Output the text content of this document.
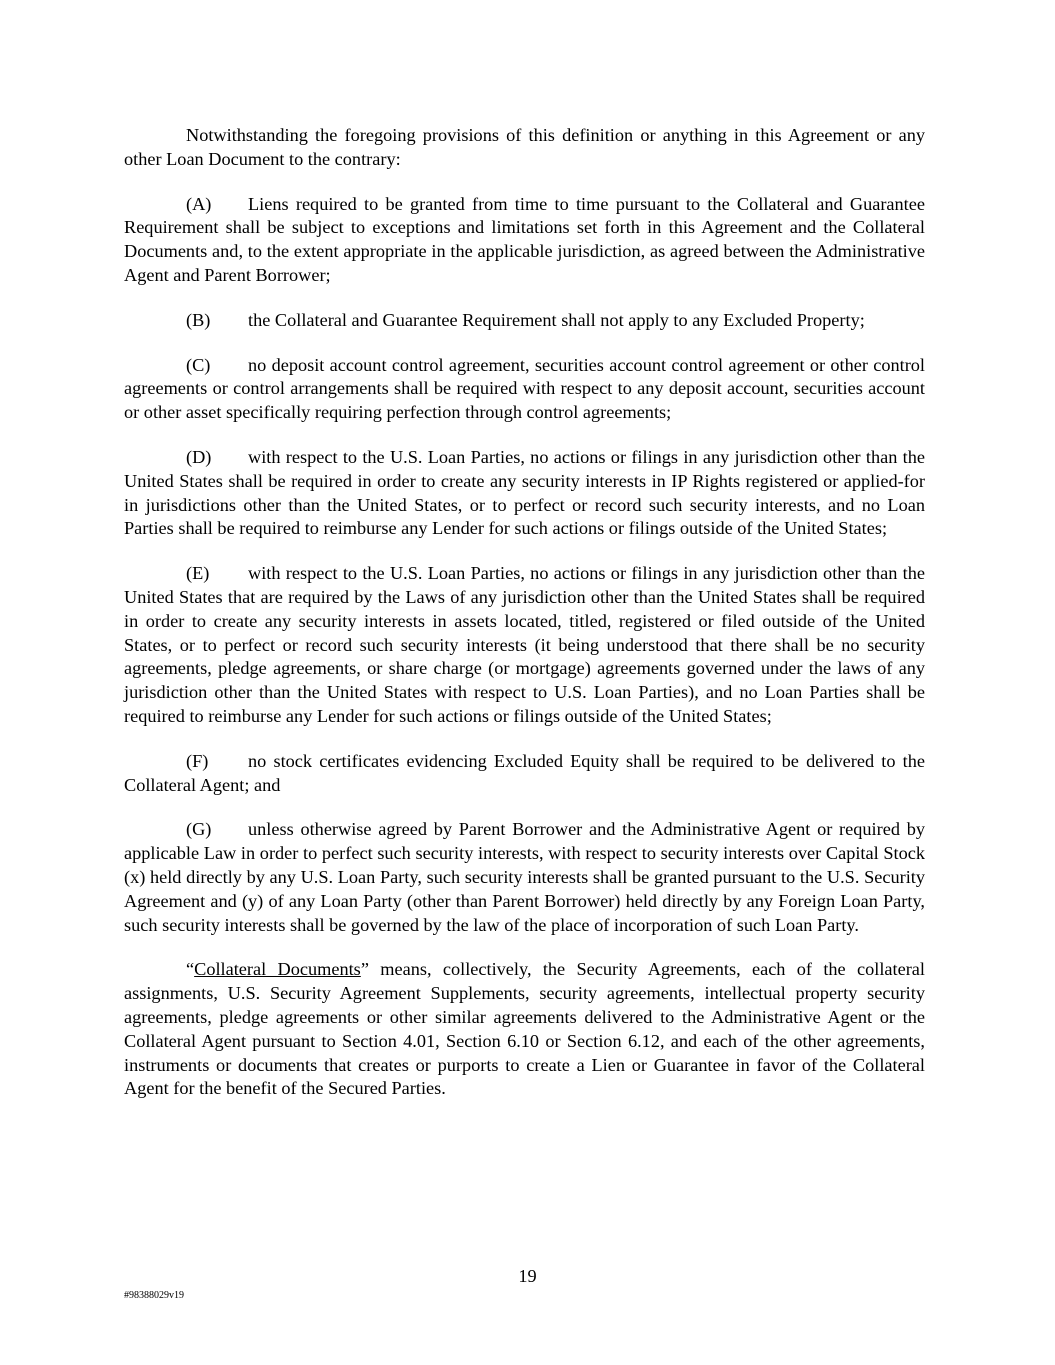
Notwithstanding the foregoing provisions of this definition or anything in this Agreement or any other Loan Document to the contrary:

(A) Liens required to be granted from time to time pursuant to the Collateral and Guarantee Requirement shall be subject to exceptions and limitations set forth in this Agreement and the Collateral Documents and, to the extent appropriate in the applicable jurisdiction, as agreed between the Administrative Agent and Parent Borrower;

(B) the Collateral and Guarantee Requirement shall not apply to any Excluded Property;

(C) no deposit account control agreement, securities account control agreement or other control agreements or control arrangements shall be required with respect to any deposit account, securities account or other asset specifically requiring perfection through control agreements;

(D) with respect to the U.S. Loan Parties, no actions or filings in any jurisdiction other than the United States shall be required in order to create any security interests in IP Rights registered or applied-for in jurisdictions other than the United States, or to perfect or record such security interests, and no Loan Parties shall be required to reimburse any Lender for such actions or filings outside of the United States;

(E) with respect to the U.S. Loan Parties, no actions or filings in any jurisdiction other than the United States that are required by the Laws of any jurisdiction other than the United States shall be required in order to create any security interests in assets located, titled, registered or filed outside of the United States, or to perfect or record such security interests (it being understood that there shall be no security agreements, pledge agreements, or share charge (or mortgage) agreements governed under the laws of any jurisdiction other than the United States with respect to U.S. Loan Parties), and no Loan Parties shall be required to reimburse any Lender for such actions or filings outside of the United States;

(F) no stock certificates evidencing Excluded Equity shall be required to be delivered to the Collateral Agent; and

(G) unless otherwise agreed by Parent Borrower and the Administrative Agent or required by applicable Law in order to perfect such security interests, with respect to security interests over Capital Stock (x) held directly by any U.S. Loan Party, such security interests shall be granted pursuant to the U.S. Security Agreement and (y) of any Loan Party (other than Parent Borrower) held directly by any Foreign Loan Party, such security interests shall be governed by the law of the place of incorporation of such Loan Party.

“Collateral Documents” means, collectively, the Security Agreements, each of the collateral assignments, U.S. Security Agreement Supplements, security agreements, intellectual property security agreements, pledge agreements or other similar agreements delivered to the Administrative Agent or the Collateral Agent pursuant to Section 4.01, Section 6.10 or Section 6.12, and each of the other agreements, instruments or documents that creates or purports to create a Lien or Guarantee in favor of the Collateral Agent for the benefit of the Secured Parties.

19
#98388029v19
